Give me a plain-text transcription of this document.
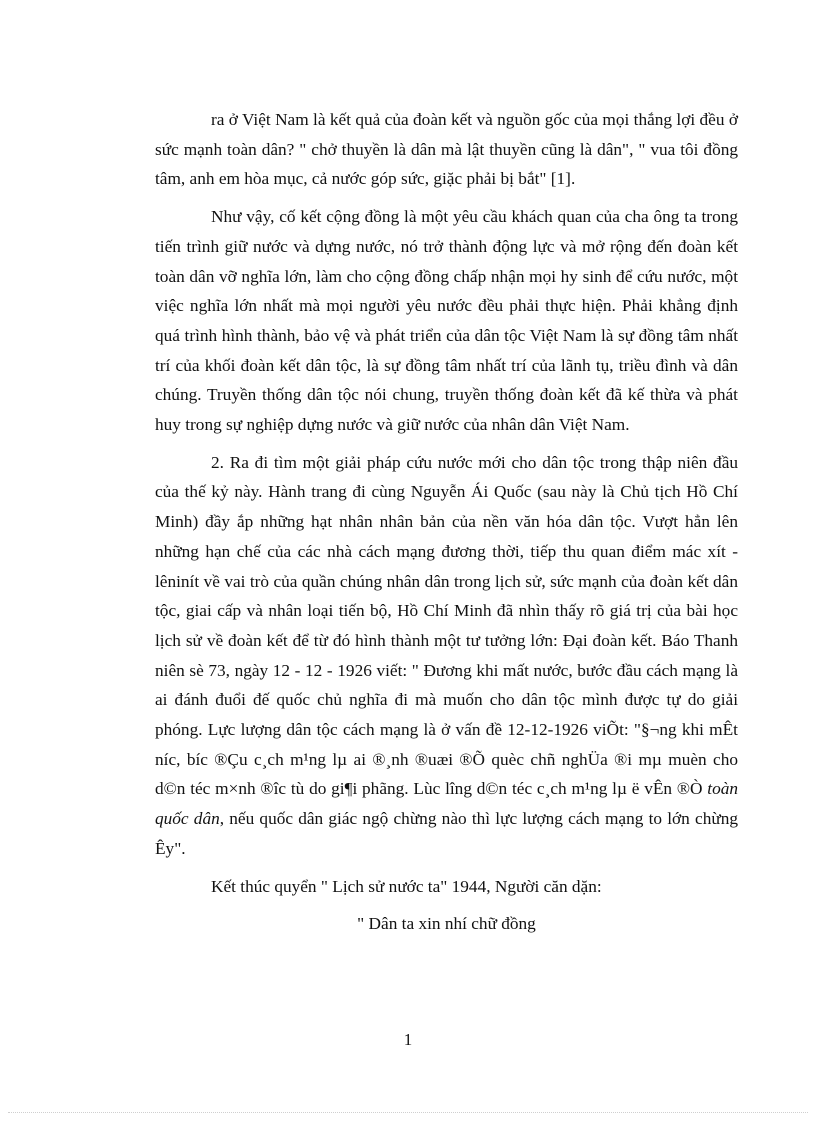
ra ở Việt Nam là kết quả của đoàn kết và nguồn gốc của mọi thắng lợi đều ở sức mạnh toàn dân? " chở thuyền là dân mà lật thuyền cũng là dân", " vua tôi đồng tâm, anh em hòa mục, cả nước góp sức, giặc phải bị bắt" [1].

Như vậy, cố kết cộng đồng là một yêu cầu khách quan của cha ông ta trong tiến trình giữ nước và dựng nước, nó trở thành động lực và mở rộng đến đoàn kết toàn dân vỡ nghĩa lớn, làm cho cộng đồng chấp nhận mọi hy sinh để cứu nước, một việc nghĩa lớn nhất mà mọi người yêu nước đều phải thực hiện. Phải khẳng định quá trình hình thành, bảo vệ và phát triển của dân tộc Việt Nam là sự đồng tâm nhất trí của khối đoàn kết dân tộc, là sự đồng tâm nhất trí của lãnh tụ, triều đình và dân chúng. Truyền thống dân tộc nói chung, truyền thống đoàn kết đã kế thừa và phát huy trong sự nghiệp dựng nước và giữ nước của nhân dân Việt Nam.

2. Ra đi tìm một giải pháp cứu nước mới cho dân tộc trong thập niên đầu của thế kỷ này. Hành trang đi cùng Nguyễn Ái Quốc (sau này là Chủ tịch Hồ Chí Minh) đầy ắp những hạt nhân nhân bản của nền văn hóa dân tộc. Vượt hẳn lên những hạn chế của các nhà cách mạng đương thời, tiếp thu quan điểm mác xít - lêninít về vai trò của quần chúng nhân dân trong lịch sử, sức mạnh của đoàn kết dân tộc, giai cấp và nhân loại tiến bộ, Hồ Chí Minh đã nhìn thấy rõ giá trị của bài học lịch sử về đoàn kết để từ đó hình thành một tư tưởng lớn: Đại đoàn kết. Báo Thanh niên sè 73, ngày 12 - 12 - 1926 viết: " Đương khi mất nước, bước đầu cách mạng là ai đánh đuổi đế quốc chủ nghĩa đi mà muốn cho dân tộc mình được tự do giải phóng. Lực lượng dân tộc cách mạng là ở vấn đề 12-12-1926 viÕt: "§¬ng khi mÊt níc, bíc ®Çu c¸ch m¹ng lµ ai ®¸nh ®uæi ®Õ quèc chñ nghÜa ®i mµ muèn cho d©n téc m×nh ®îc tù do gi¶i phãng. Lùc lîng d©n téc c¸ch m¹ng lµ ë vÊn ®Ò toàn quốc dân, nếu quốc dân giác ngộ chừng nào thì lực lượng cách mạng to lớn chừng Êy".

Kết thúc quyển " Lịch sử nước ta" 1944, Người căn dặn:

" Dân ta xin nhí chữ đồng

1
